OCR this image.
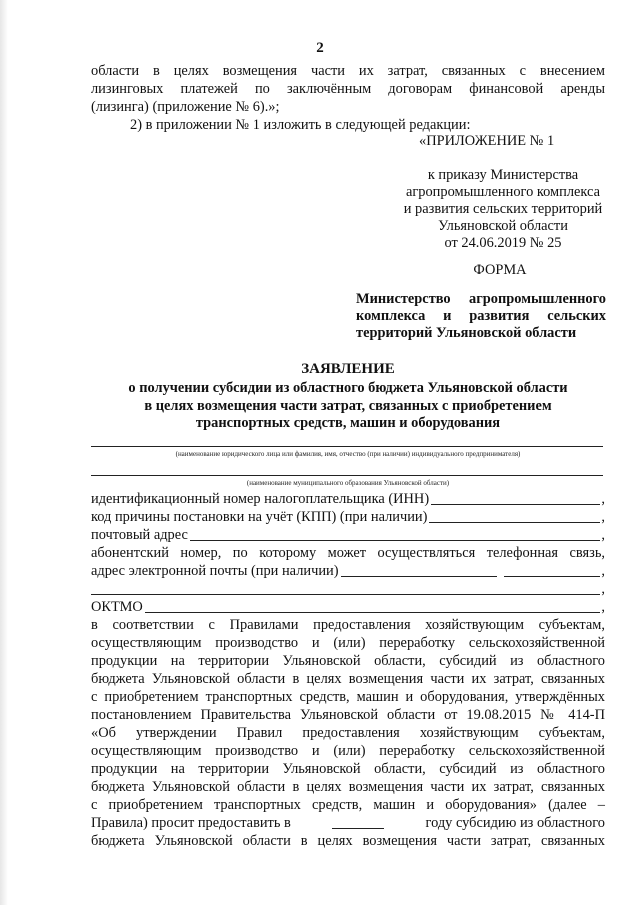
2
области в целях возмещения части их затрат, связанных с внесением
лизинговых платежей по заключённым договорам финансовой аренды
(лизинга) (приложение № 6).»;
2) в приложении № 1 изложить в следующей редакции:
«ПРИЛОЖЕНИЕ № 1
к приказу Министерства
агропромышленного комплекса
и развития сельских территорий
Ульяновской области
от 24.06.2019 № 25
ФОРМА
Министерство агропромышленного
комплекса и развития сельских
территорий Ульяновской области
ЗАЯВЛЕНИЕ
о получении субсидии из областного бюджета Ульяновской области
в целях возмещения части затрат, связанных с приобретением
транспортных средств, машин и оборудования
(наименование юридического лица или фамилия, имя, отчество (при наличии) индивидуального предпринимателя)
(наименование муниципального образования Ульяновской области)
идентификационный номер налогоплательщика (ИНН)	,
код причины постановки на учёт (КПП) (при наличии)	,
почтовый адрес	,
абонентский номер, по которому может осуществляться телефонная связь,
адрес электронной почты (при наличии)	,
,
ОКТМО	,
в соответствии с Правилами предоставления хозяйствующим субъектам,
осуществляющим производство и (или) переработку сельскохозяйственной
продукции на территории Ульяновской области, субсидий из областного
бюджета Ульяновской области в целях возмещения части их затрат, связанных
с приобретением транспортных средств, машин и оборудования, утверждённых
постановлением Правительства Ульяновской области от 19.08.2015 № 414-П
«Об утверждении Правил предоставления хозяйствующим субъектам,
осуществляющим производство и (или) переработку сельскохозяйственной
продукции на территории Ульяновской области, субсидий из областного
бюджета Ульяновской области в целях возмещения части их затрат, связанных
с приобретением транспортных средств, машин и оборудования» (далее –
Правила) просит предоставить в	году субсидию из областного
бюджета Ульяновской области в целях возмещения части затрат, связанных
